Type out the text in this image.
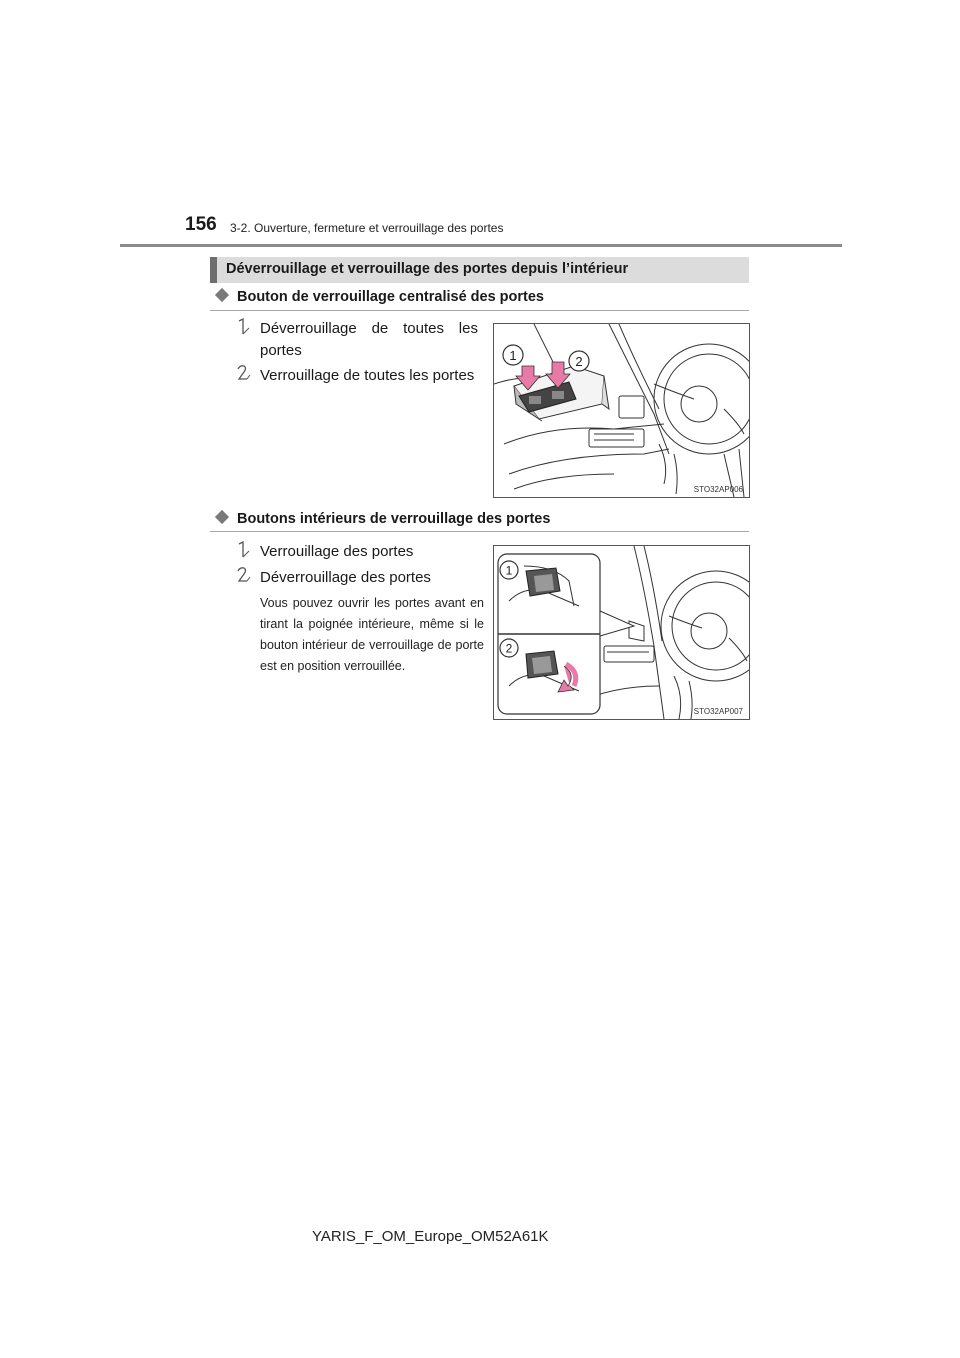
156 3-2. Ouverture, fermeture et verrouillage des portes
Déverrouillage et verrouillage des portes depuis l’intérieur
Bouton de verrouillage centralisé des portes
Déverrouillage de toutes les
portes
Verrouillage de toutes les portes
1	2
STO32AP006
Boutons intérieurs de verrouillage des portes
Verrouillage des portes
Déverrouillage des portes
Vous pouvez ouvrir les portes avant en tirant la poignée intérieure, même si le bouton intérieur de verrouillage de porte est en position verrouillée.
1
2
STO32AP007
YARIS_F_OM_Europe_OM52A61K
